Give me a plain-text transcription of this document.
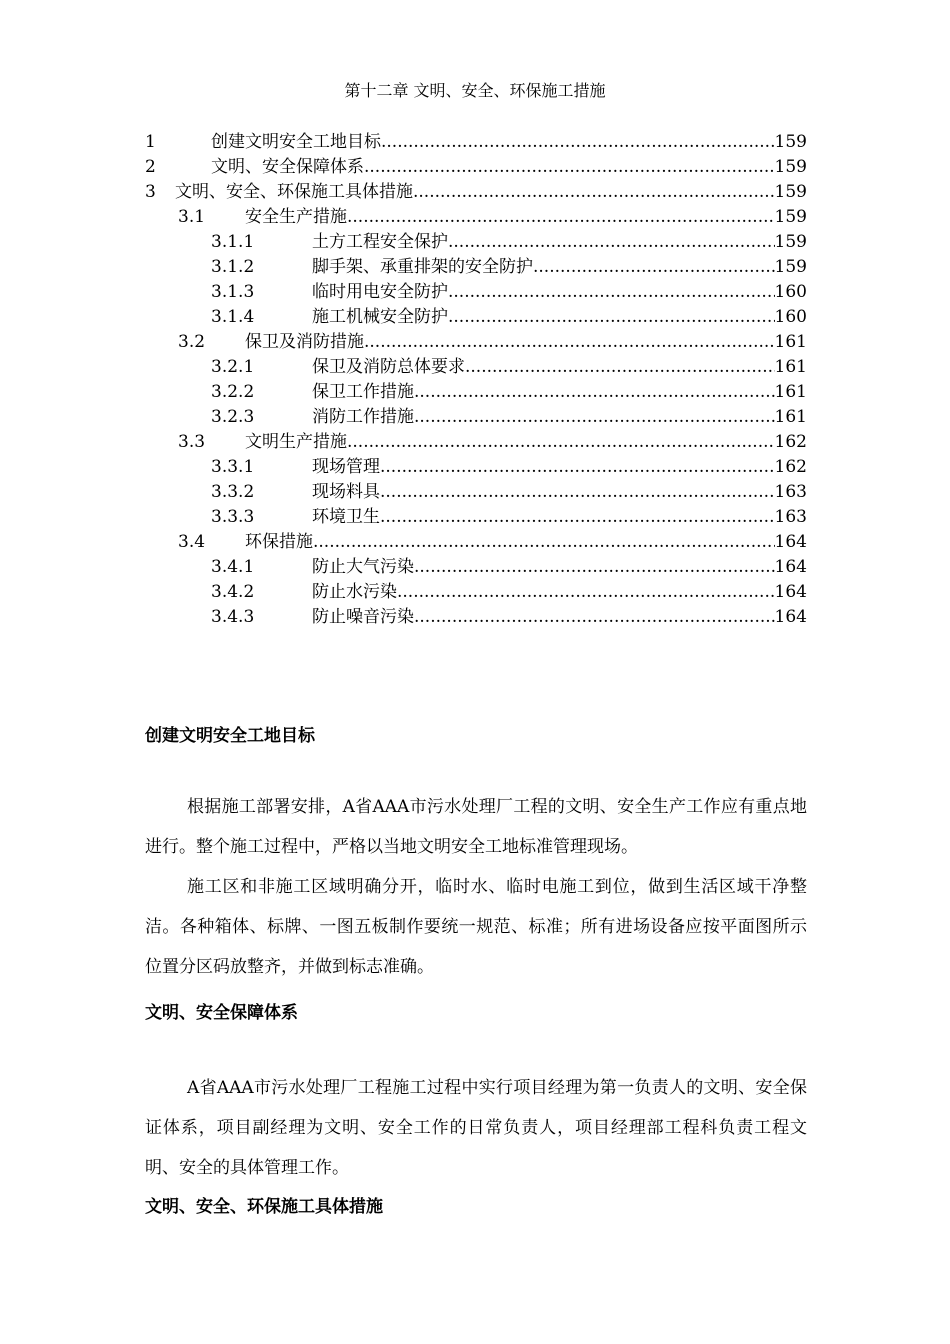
第十二章 文明、安全、环保施工措施
1	创建文明安全工地目标 .....	159
2	文明、安全保障体系 .....	159
3	文明、安全、环保施工具体措施 .....	159
3.1	安全生产措施 .....	159
3.1.1	土方工程安全保护 .....	159
3.1.2	脚手架、承重排架的安全防护 .....	159
3.1.3	临时用电安全防护 .....	160
3.1.4	施工机械安全防护 .....	160
3.2	保卫及消防措施 .....	161
3.2.1	保卫及消防总体要求 .....	161
3.2.2	保卫工作措施 .....	161
3.2.3	消防工作措施 .....	161
3.3	文明生产措施 .....	162
3.3.1	现场管理 .....	162
3.3.2	现场料具 .....	163
3.3.3	环境卫生 .....	163
3.4	环保措施 .....	164
3.4.1	防止大气污染 .....	164
3.4.2	防止水污染 .....	164
3.4.3	防止噪音污染 .....	164
创建文明安全工地目标

根据施工部署安排，A省AAA市污水处理厂工程的文明、安全生产工作应有重点地进行。整个施工过程中，严格以当地文明安全工地标准管理现场。

施工区和非施工区域明确分开，临时水、临时电施工到位，做到生活区域干净整洁。各种箱体、标牌、一图五板制作要统一规范、标准；所有进场设备应按平面图所示位置分区码放整齐，并做到标志准确。

文明、安全保障体系

A省AAA市污水处理厂工程施工过程中实行项目经理为第一负责人的文明、安全保证体系，项目副经理为文明、安全工作的日常负责人，项目经理部工程科负责工程文明、安全的具体管理工作。

文明、安全、环保施工具体措施
